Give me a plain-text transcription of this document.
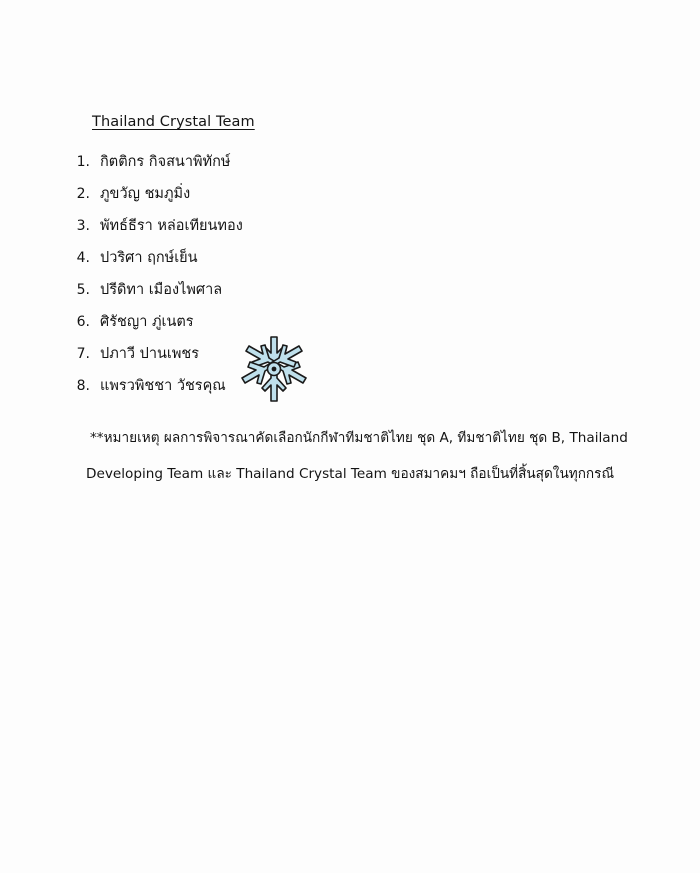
Thailand Crystal Team
1. กิตติกร กิจสนาพิทักษ์
2. ภูขวัญ ชมภูมิ่ง
3. พัทธ์ธีรา หล่อเทียนทอง
4. ปวริศา ฤกษ์เย็น
5. ปรีดิทา เมืองไพศาล
6. ศิรัชญา ภู่เนตร
7. ปภาวี ปานเพชร
8. แพรวพิชชา วัชรคุณ
**หมายเหตุ ผลการพิจารณาคัดเลือกนักกีฬาทีมชาติไทย ชุด A, ทีมชาติไทย ชุด B, Thailand
Developing Team และ Thailand Crystal Team ของสมาคมฯ ถือเป็นที่สิ้นสุดในทุกกรณี
